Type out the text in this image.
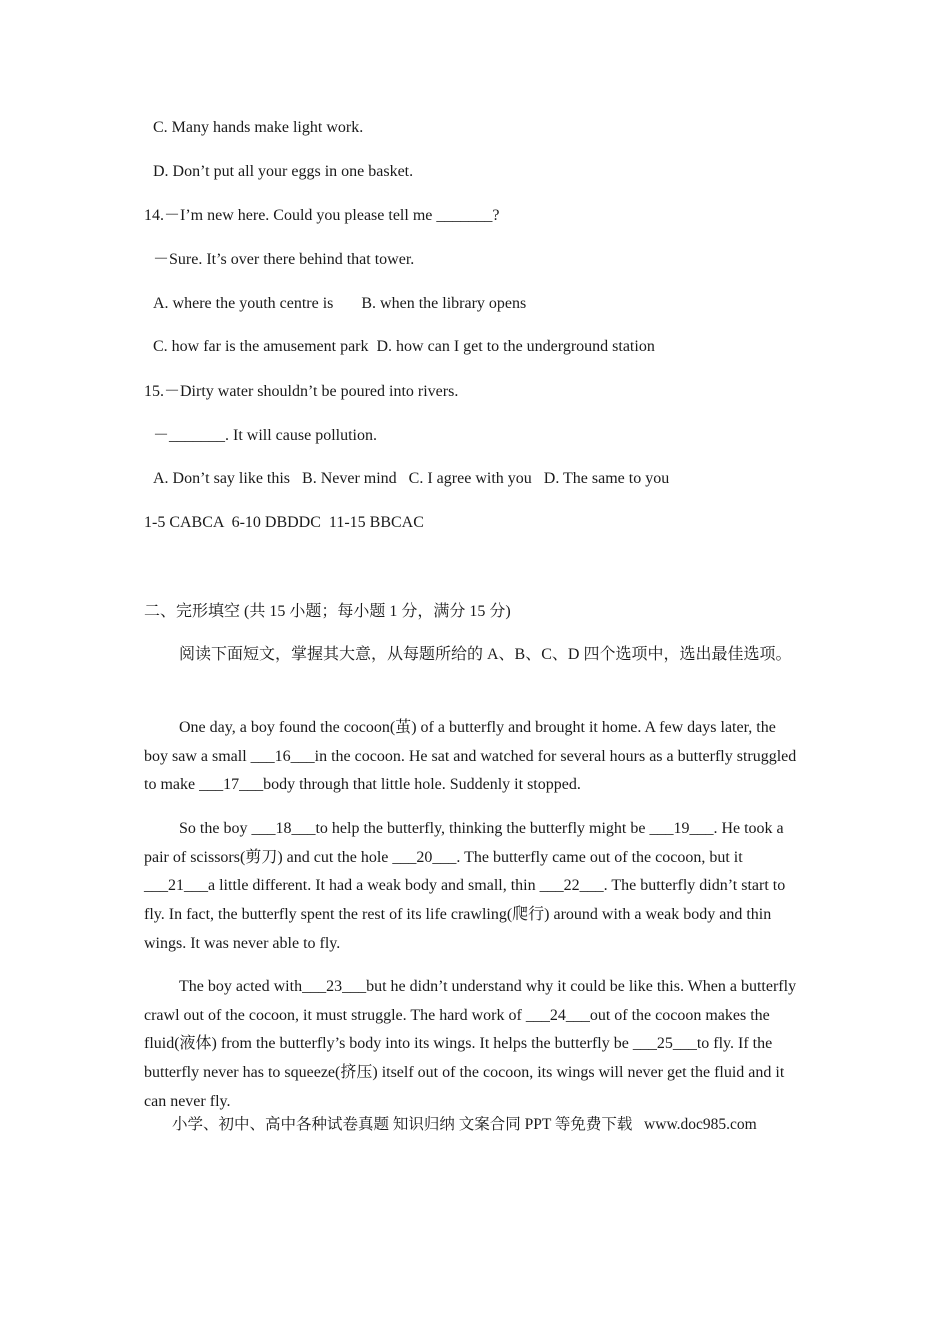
C. Many hands make light work.
D. Don’t put all your eggs in one basket.
14.－I’m new here. Could you please tell me _______?
－Sure. It’s over there behind that tower.
A. where the youth centre is       B. when the library opens
C. how far is the amusement park  D. how can I get to the underground station
15.－Dirty water shouldn’t be poured into rivers.
－_______. It will cause pollution.
A. Don’t say like this   B. Never mind   C. I agree with you   D. The same to you
1-5 CABCA  6-10 DBDDC  11-15 BBCAC
二、完形填空 (共 15 小题；每小题 1 分，满分 15 分)

阅读下面短文，掌握其大意，从每题所给的 A、B、C、D 四个选项中，选出最佳选项。

One day, a boy found the cocoon(茧) of a butterfly and brought it home. A few days later, the boy saw a small ___16___in the cocoon. He sat and watched for several hours as a butterfly struggled to make ___17___body through that little hole. Suddenly it stopped.

So the boy ___18___to help the butterfly, thinking the butterfly might be ___19___. He took a pair of scissors(剪刀) and cut the hole ___20___. The butterfly came out of the cocoon, but it ___21___a little different. It had a weak body and small, thin ___22___. The butterfly didn’t start to fly. In fact, the butterfly spent the rest of its life crawling(爬行) around with a weak body and thin wings. It was never able to fly.

The boy acted with___23___but he didn’t understand why it could be like this. When a butterfly crawl out of the cocoon, it must struggle. The hard work of ___24___out of the cocoon makes the fluid(液体) from the butterfly’s body into its wings. It helps the butterfly be ___25___to fly. If the butterfly never has to squeeze(挤压) itself out of the cocoon, its wings will never get the fluid and it can never fly.

小学、初中、高中各种试卷真题 知识归纳 文案合同 PPT 等免费下载   www.doc985.com
